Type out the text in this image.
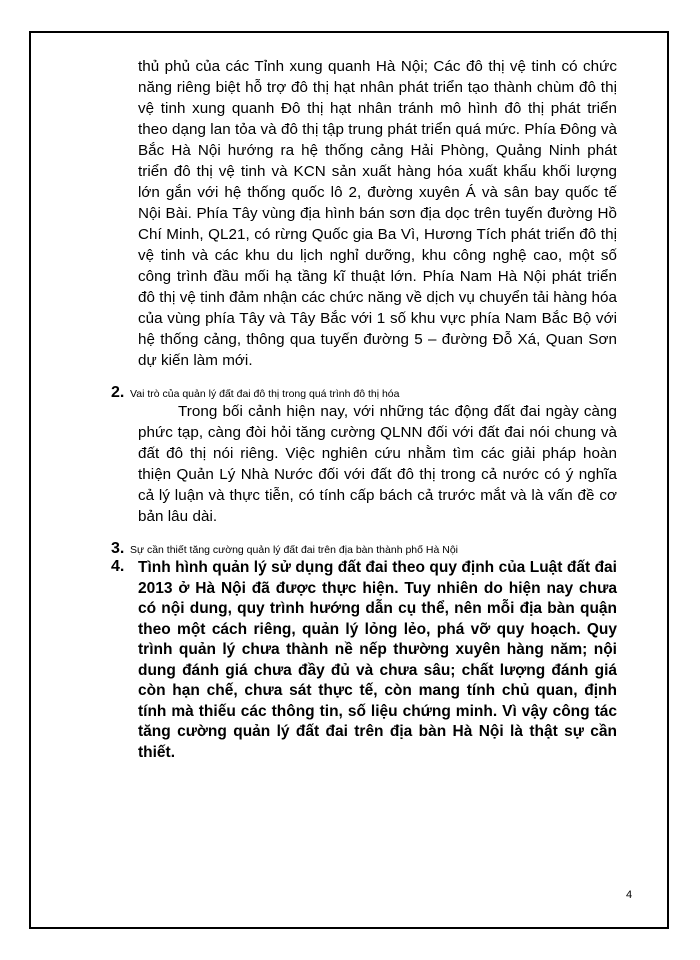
thủ phủ của các Tỉnh xung quanh Hà Nội; Các đô thị vệ tinh có chức năng riêng biệt hỗ trợ đô thị hạt nhân phát triển tạo thành chùm đô thị vệ tinh xung quanh Đô thị hạt nhân tránh mô hình đô thị phát triển theo dạng lan tỏa và đô thị tập trung phát triển quá mức. Phía Đông và Bắc Hà Nội hướng ra hệ thống cảng Hải Phòng, Quảng Ninh phát triển đô thị vệ tinh và KCN sản xuất hàng hóa xuất khẩu khối lượng lớn gắn với hệ thống quốc lô 2, đường xuyên Á và sân bay quốc tế Nội Bài. Phía Tây vùng địa hình bán sơn địa dọc trên tuyến đường Hồ Chí Minh, QL21, có rừng Quốc gia Ba Vì, Hương Tích phát triển đô thị vệ tinh và các khu du lịch nghỉ dưỡng, khu công nghệ cao, một số công trình đầu mối hạ tầng kĩ thuật lớn. Phía Nam Hà Nội phát triển đô thị vệ tinh đảm nhận các chức năng về dịch vụ chuyển tải hàng hóa của vùng phía Tây và Tây Bắc với 1 số khu vực phía Nam Bắc Bộ với hệ thống cảng, thông qua tuyến đường 5 – đường Đỗ Xá, Quan Sơn dự kiến làm mới.

2. Vai trò của quản lý đất đai đô thị trong quá trình đô thị hóa

Trong bối cảnh hiện nay, với những tác động đất đai ngày càng phức tạp, càng đòi hỏi tăng cường QLNN đối với đất đai nói chung và đất đô thị nói riêng. Việc nghiên cứu nhằm tìm các giải pháp hoàn thiện Quản Lý Nhà Nước đối với đất đô thị trong cả nước có ý nghĩa cả lý luận và thực tiễn, có tính cấp bách cả trước mắt và là vấn đề cơ bản lâu dài.

3. Sự cần thiết tăng cường quản lý đất đai trên địa bàn thành phố Hà Nội

4. Tình hình quản lý sử dụng đất đai theo quy định của Luật đất đai 2013 ở Hà Nội đã được thực hiện. Tuy nhiên do hiện nay chưa có nội dung, quy trình hướng dẫn cụ thể, nên mỗi địa bàn quận theo một cách riêng, quản lý lỏng lẻo, phá vỡ quy hoạch. Quy trình quản lý chưa thành nề nếp thường xuyên hàng năm; nội dung đánh giá chưa đầy đủ và chưa sâu; chất lượng đánh giá còn hạn chế, chưa sát thực tế, còn mang tính chủ quan, định tính mà thiếu các thông tin, số liệu chứng minh. Vì vậy công tác tăng cường quản lý đất đai trên địa bàn Hà Nội là thật sự cần thiết.

4
